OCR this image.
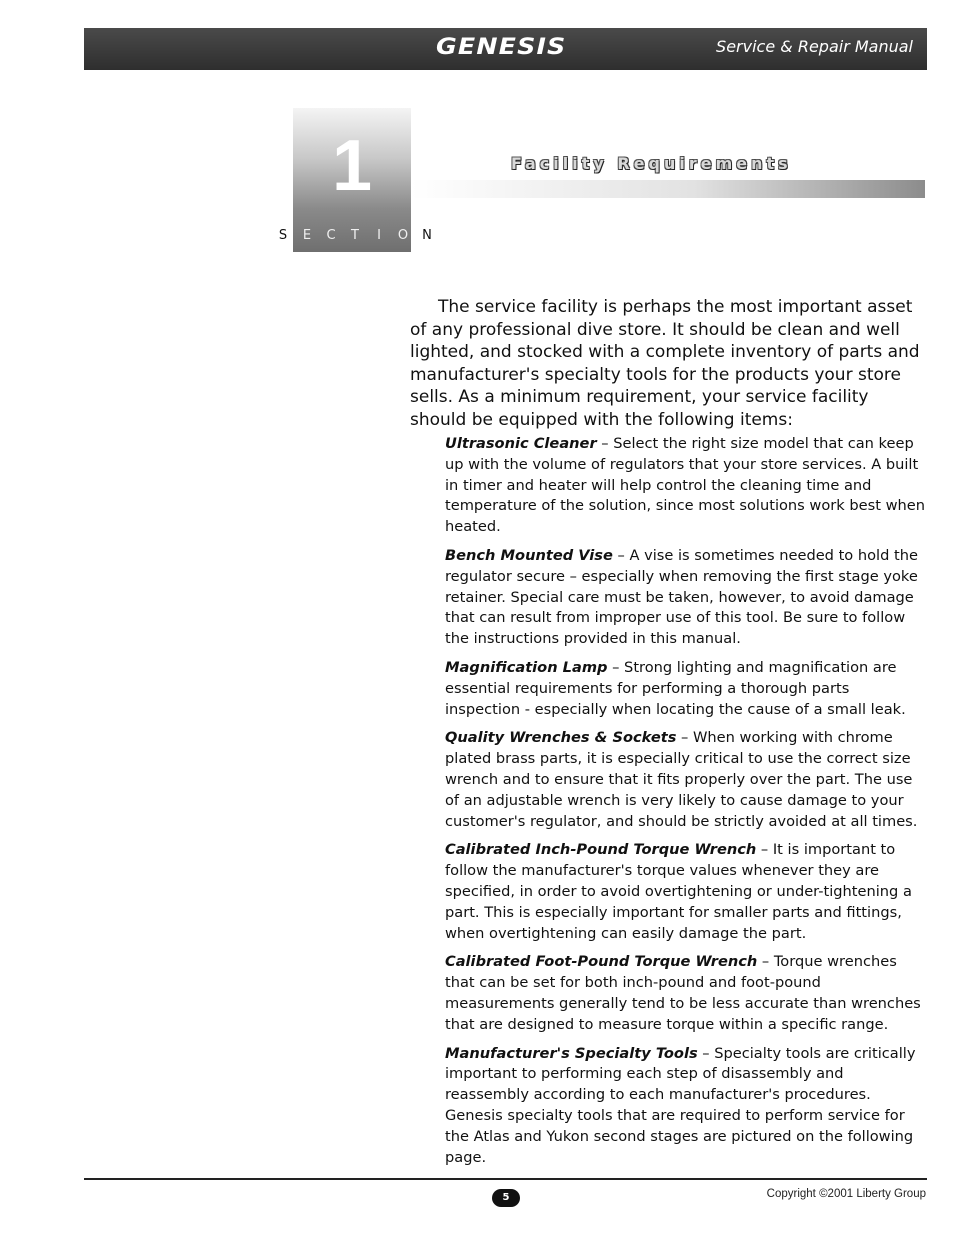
GENESIS	Service & Repair Manual
1
S	E	C	T	I	O	N
Facility Requirements

The service facility is perhaps the most important asset of any professional dive store. It should be clean and well lighted, and stocked with a complete inventory of parts and manufacturer's specialty tools for the products your store sells. As a minimum requirement, your service facility should be equipped with the following items:

Ultrasonic Cleaner – Select the right size model that can keep up with the volume of regulators that your store services. A built in timer and heater will help control the cleaning time and temperature of the solution, since most solutions work best when heated.

Bench Mounted Vise – A vise is sometimes needed to hold the regulator secure – especially when removing the first stage yoke retainer. Special care must be taken, however, to avoid damage that can result from improper use of this tool. Be sure to follow the instructions provided in this manual.

Magnification Lamp – Strong lighting and magnification are essential requirements for performing a thorough parts inspection - especially when locating the cause of a small leak.

Quality Wrenches & Sockets – When working with chrome plated brass parts, it is especially critical to use the correct size wrench and to ensure that it fits properly over the part. The use of an adjustable wrench is very likely to cause damage to your customer's regulator, and should be strictly avoided at all times.

Calibrated Inch-Pound Torque Wrench – It is important to follow the manufacturer's torque values whenever they are specified, in order to avoid overtightening or under-tightening a part. This is especially important for smaller parts and fittings, when overtightening can easily damage the part.

Calibrated Foot-Pound Torque Wrench – Torque wrenches that can be set for both inch-pound and foot-pound measurements generally tend to be less accurate than wrenches that are designed to measure torque within a specific range.

Manufacturer's Specialty Tools – Specialty tools are critically important to performing each step of disassembly and reassembly according to each manufacturer's procedures. Genesis specialty tools that are required to perform service for the Atlas and Yukon second stages are pictured on the following page.

5	Copyright ©2001 Liberty Group
